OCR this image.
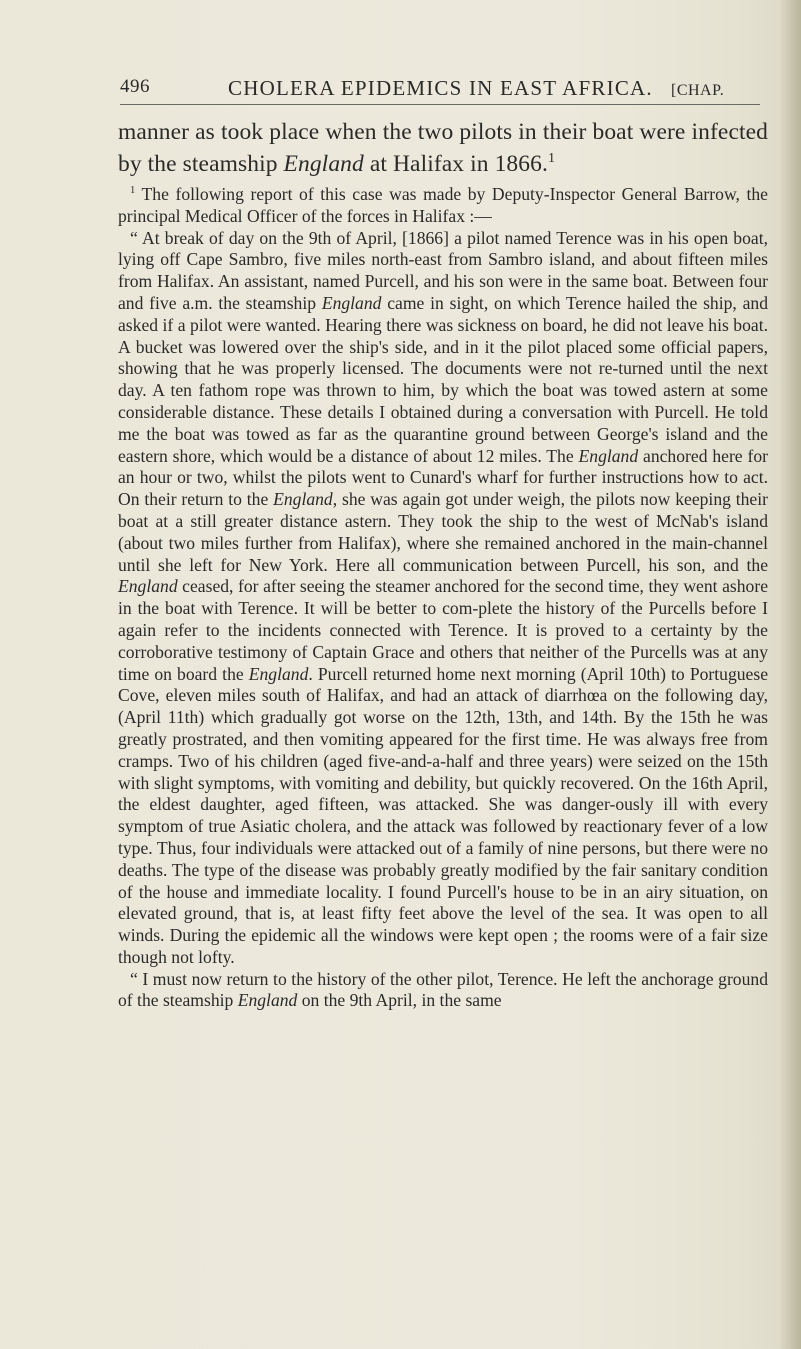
496	CHOLERA EPIDEMICS IN EAST AFRICA. [CHAP.
manner as took place when the two pilots in their boat were infected by the steamship England at Halifax in 1866.$^1$

$^1$ The following report of this case was made by Deputy-Inspector General Barrow, the principal Medical Officer of the forces in Halifax :—

“ At break of day on the 9th of April, [1866] a pilot named Terence was in his open boat, lying off Cape Sambro, five miles north-east from Sambro island, and about fifteen miles from Halifax. An assistant, named Purcell, and his son were in the same boat. Between four and five a.m. the steamship England came in sight, on which Terence hailed the ship, and asked if a pilot were wanted. Hearing there was sickness on board, he did not leave his boat. A bucket was lowered over the ship's side, and in it the pilot placed some official papers, showing that he was properly licensed. The documents were not re-turned until the next day. A ten fathom rope was thrown to him, by which the boat was towed astern at some considerable distance. These details I obtained during a conversation with Purcell. He told me the boat was towed as far as the quarantine ground between George's island and the eastern shore, which would be a distance of about 12 miles. The England anchored here for an hour or two, whilst the pilots went to Cunard's wharf for further instructions how to act. On their return to the England, she was again got under weigh, the pilots now keeping their boat at a still greater distance astern. They took the ship to the west of McNab's island (about two miles further from Halifax), where she remained anchored in the main-channel until she left for New York. Here all communication between Purcell, his son, and the England ceased, for after seeing the steamer anchored for the second time, they went ashore in the boat with Terence. It will be better to com-plete the history of the Purcells before I again refer to the incidents connected with Terence. It is proved to a certainty by the corroborative testimony of Captain Grace and others that neither of the Purcells was at any time on board the England. Purcell returned home next morning (April 10th) to Portuguese Cove, eleven miles south of Halifax, and had an attack of diarrhœa on the following day, (April 11th) which gradually got worse on the 12th, 13th, and 14th. By the 15th he was greatly prostrated, and then vomiting appeared for the first time. He was always free from cramps. Two of his children (aged five-and-a-half and three years) were seized on the 15th with slight symptoms, with vomiting and debility, but quickly recovered. On the 16th April, the eldest daughter, aged fifteen, was attacked. She was danger-ously ill with every symptom of true Asiatic cholera, and the attack was followed by reactionary fever of a low type. Thus, four individuals were attacked out of a family of nine persons, but there were no deaths. The type of the disease was probably greatly modified by the fair sanitary condition of the house and immediate locality. I found Purcell's house to be in an airy situation, on elevated ground, that is, at least fifty feet above the level of the sea. It was open to all winds. During the epidemic all the windows were kept open ; the rooms were of a fair size though not lofty.

“ I must now return to the history of the other pilot, Terence. He left the anchorage ground of the steamship England on the 9th April, in the same
